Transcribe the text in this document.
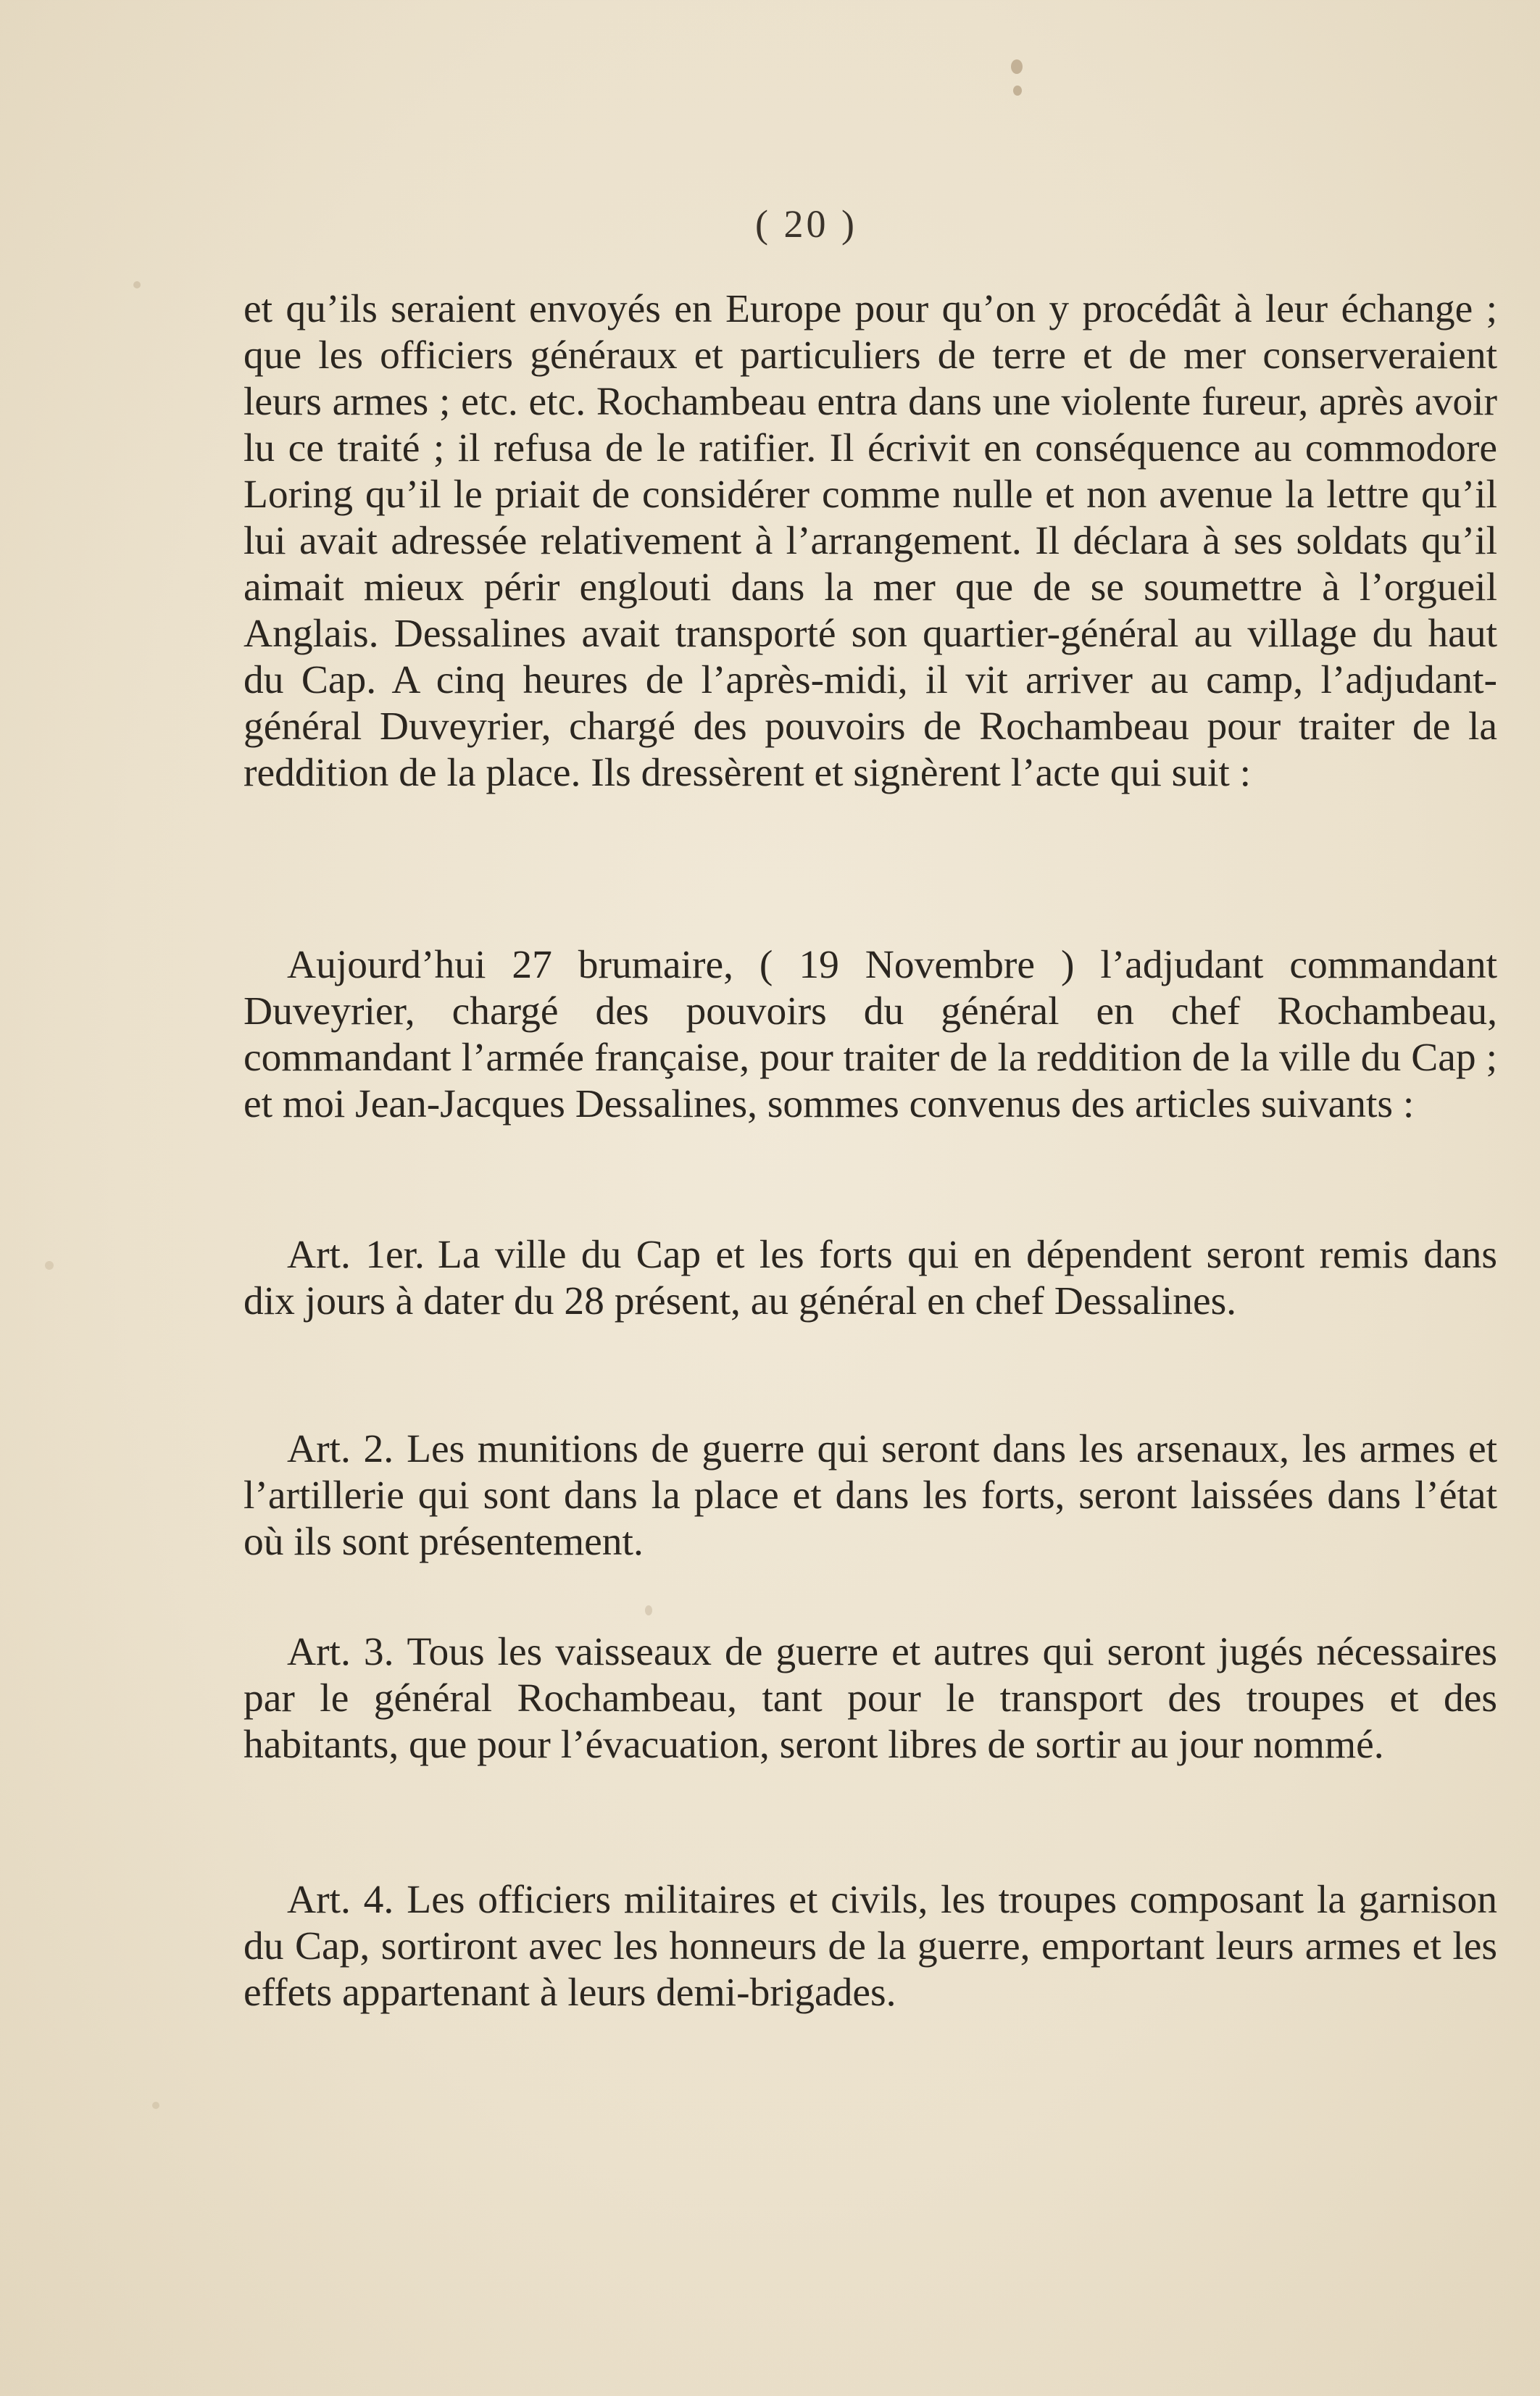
( 20 )

et qu’ils seraient envoyés en Europe pour qu’on y procédât à leur échange ; que les officiers généraux et particuliers de terre et de mer conserveraient leurs armes ; etc. etc. Rochambeau entra dans une violente fureur, après avoir lu ce traité ; il refusa de le ratifier. Il écrivit en conséquence au commodore Loring qu’il le priait de considérer comme nulle et non avenue la lettre qu’il lui avait adressée relativement à l’arrangement. Il déclara à ses soldats qu’il aimait mieux périr englouti dans la mer que de se soumettre à l’orgueil Anglais. Dessalines avait transporté son quartier-général au village du haut du Cap. A cinq heures de l’après-midi, il vit arriver au camp, l’adjudant-général Duveyrier, chargé des pouvoirs de Rochambeau pour traiter de la reddition de la place. Ils dressèrent et signèrent l’acte qui suit :

Aujourd’hui 27 brumaire, ( 19 Novembre ) l’adjudant commandant Duveyrier, chargé des pouvoirs du général en chef Rochambeau, commandant l’armée française, pour traiter de la reddition de la ville du Cap ; et moi Jean-Jacques Dessalines, sommes convenus des articles suivants :

Art. 1er. La ville du Cap et les forts qui en dépendent seront remis dans dix jours à dater du 28 présent, au général en chef Dessalines.

Art. 2. Les munitions de guerre qui seront dans les arsenaux, les armes et l’artillerie qui sont dans la place et dans les forts, seront laissées dans l’état où ils sont présentement.

Art. 3. Tous les vaisseaux de guerre et autres qui seront jugés nécessaires par le général Rochambeau, tant pour le transport des troupes et des habitants, que pour l’évacuation, seront libres de sortir au jour nommé.

Art. 4. Les officiers militaires et civils, les troupes composant la garnison du Cap, sortiront avec les honneurs de la guerre, emportant leurs armes et les effets appartenant à leurs demi-brigades.
